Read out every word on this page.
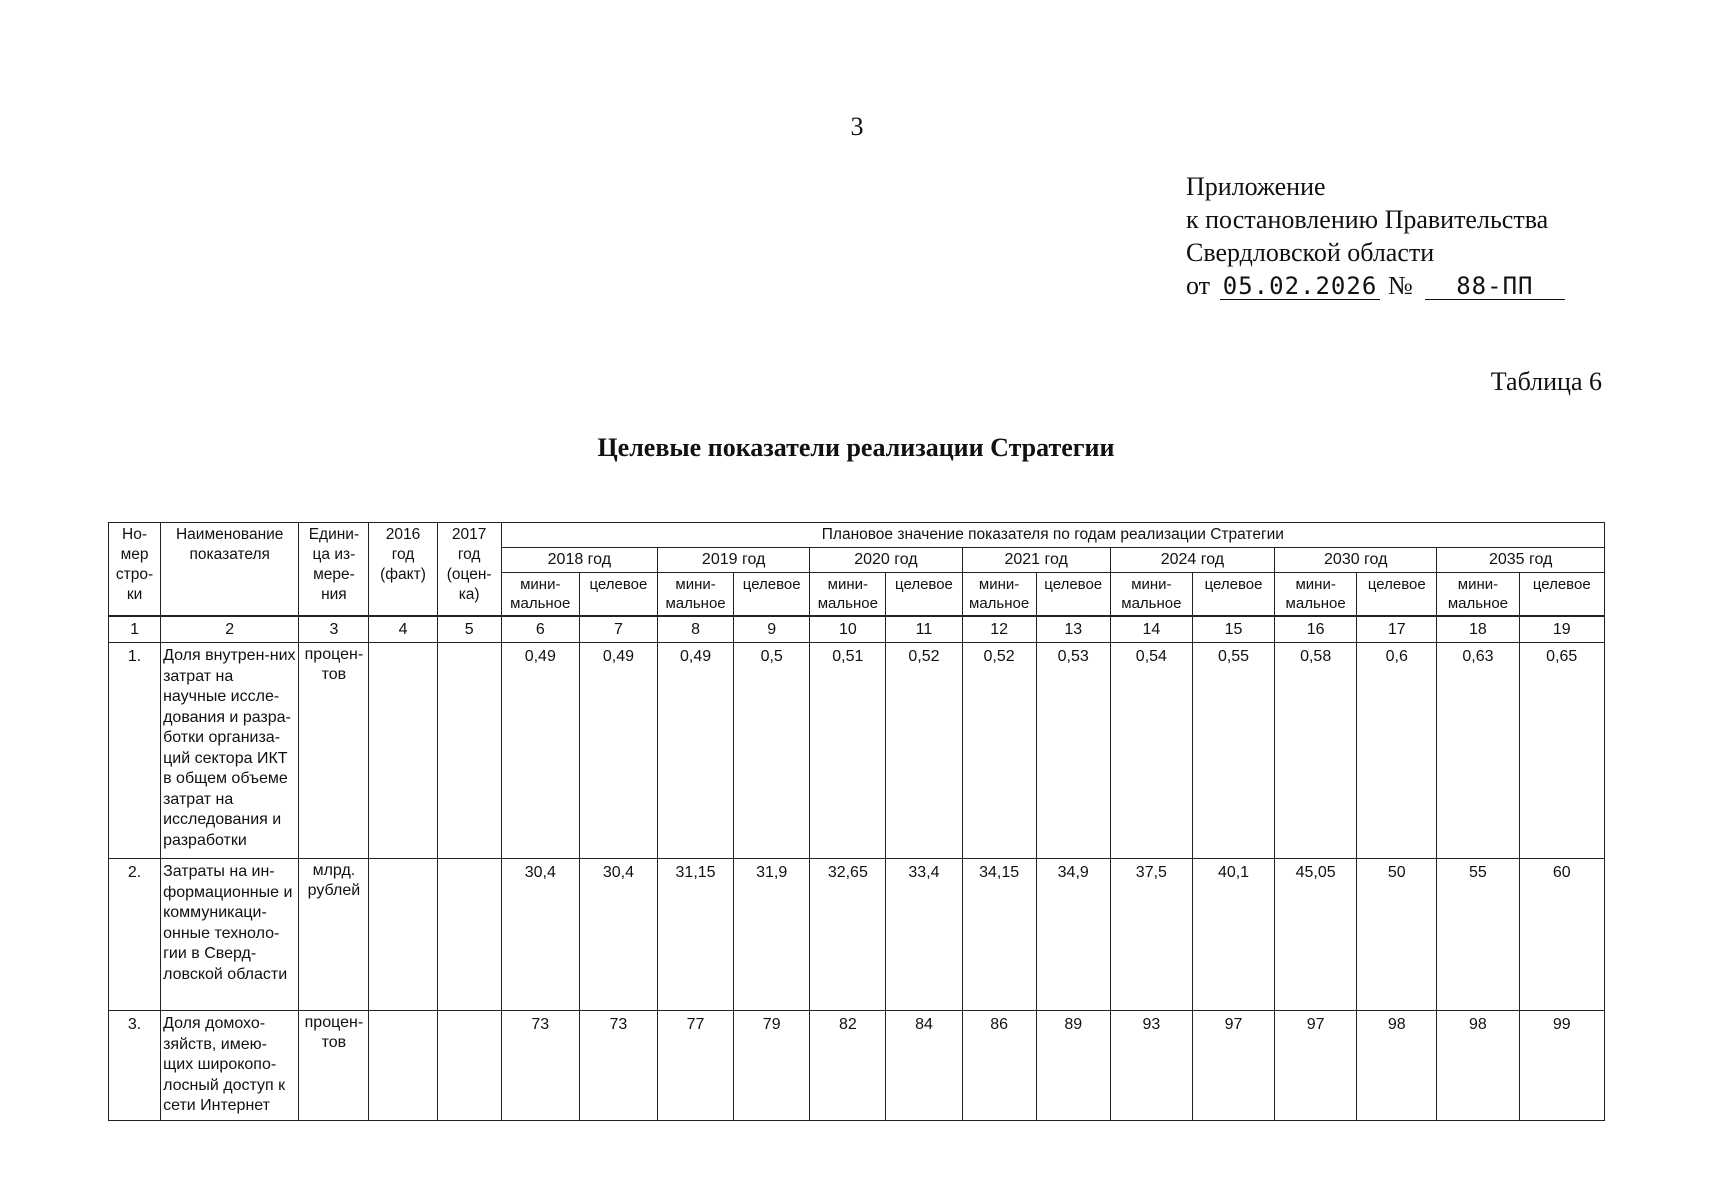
3
Приложение
к постановлению Правительства
Свердловской области
от 05.02.2026 №	88-ПП
Таблица 6
Целевые показатели реализации Стратегии
Но-мер стро-ки	Наименование показателя	Едини-ца из-мере-ния	2016 год (факт)	2017 год (оцен-ка)	Плановое значение показателя по годам реализации Стратегии													
					2018 год		2019 год		2020 год		2021 год		2024 год		2030 год		2035 год	
					мини-мальное	целевое	мини-мальное	целевое	мини-мальное	целевое	мини-мальное	целевое	мини-мальное	целевое	мини-мальное	целевое	мини-мальное	целевое
1	2	3	4	5	6	7	8	9	10	11	12	13	14	15	16	17	18	19
1.	Доля внутрен-них затрат на научные иссле-дования и разра-ботки организа-ций сектора ИКТ в общем объеме затрат на исследования и разработки	процен-тов			0,49	0,49	0,49	0,5	0,51	0,52	0,52	0,53	0,54	0,55	0,58	0,6	0,63	0,65
2.	Затраты на ин-формационные и коммуникаци-онные техноло-гии в Сверд-ловской области	млрд. рублей			30,4	30,4	31,15	31,9	32,65	33,4	34,15	34,9	37,5	40,1	45,05	50	55	60
3.	Доля домохо-зяйств, имею-щих широкопо-лосный доступ к сети Интернет	процен-тов			73	73	77	79	82	84	86	89	93	97	97	98	98	99
